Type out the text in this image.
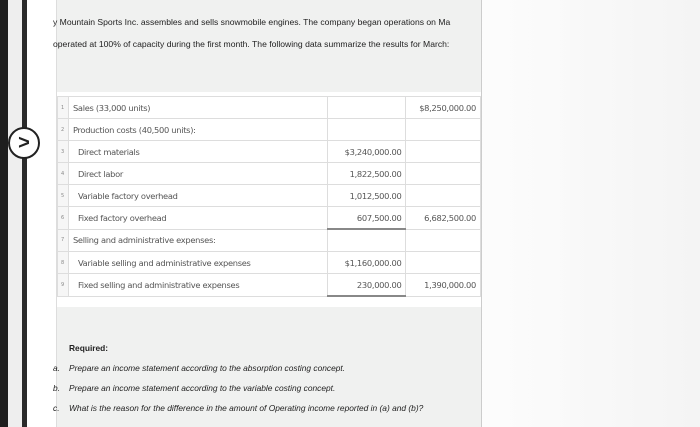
>

y Mountain Sports Inc. assembles and sells snowmobile engines. The company began operations on Ma

operated at 100% of capacity during the first month. The following data summarize the results for March:

1	Sales (33,000 units)		$8,250,000.00
2	Production costs (40,500 units):		
3	Direct materials	$3,240,000.00	
4	Direct labor	1,822,500.00	
5	Variable factory overhead	1,012,500.00	
6	Fixed factory overhead	607,500.00	6,682,500.00
7	Selling and administrative expenses:		
8	Variable selling and administrative expenses	$1,160,000.00	
9	Fixed selling and administrative expenses	230,000.00	1,390,000.00
Required:
a. Prepare an income statement according to the absorption costing concept.
b. Prepare an income statement according to the variable costing concept.
c. What is the reason for the difference in the amount of Operating income reported in (a) and (b)?
